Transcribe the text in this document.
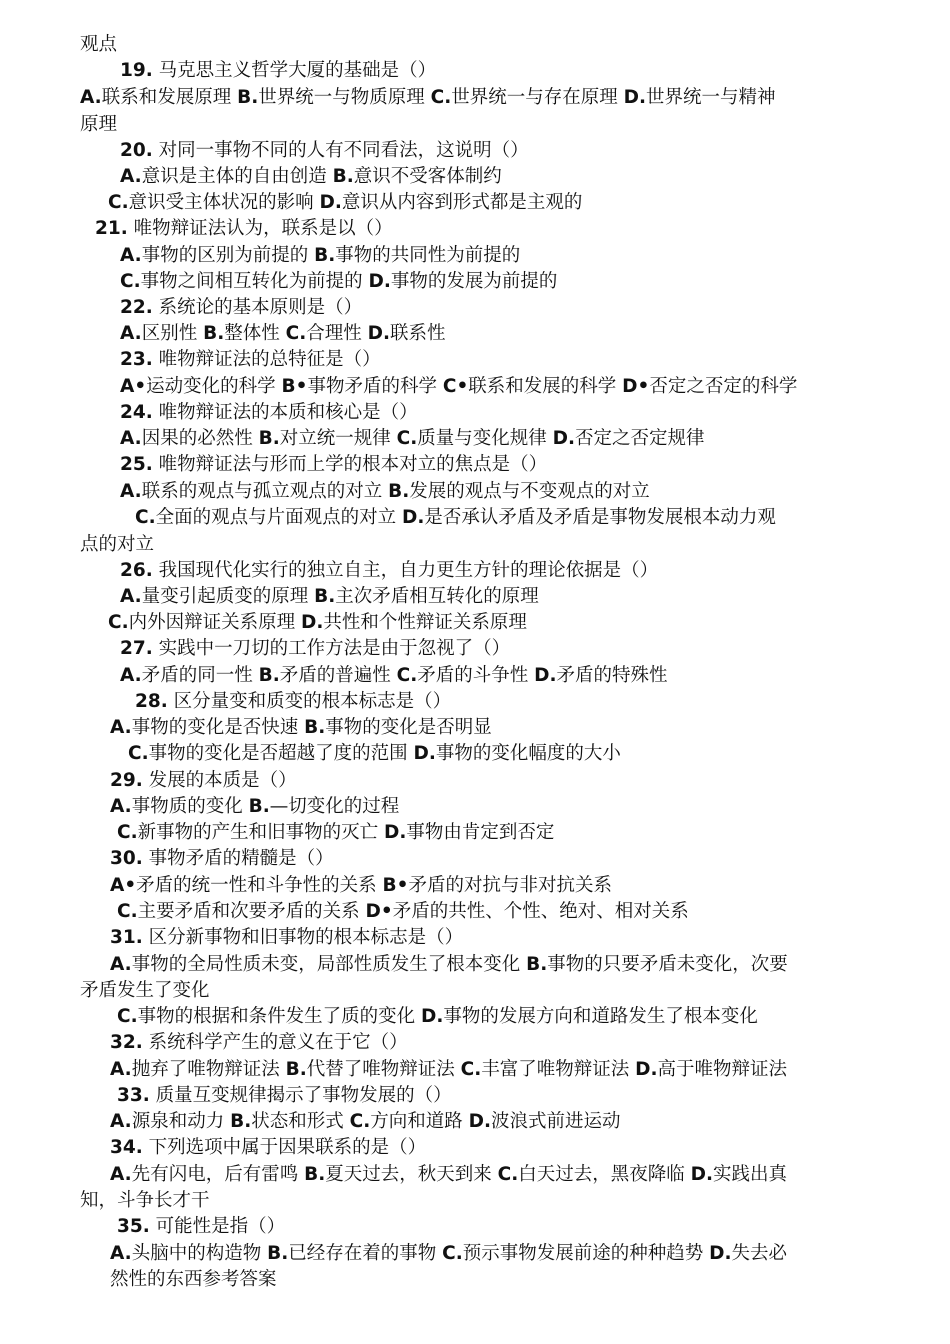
观点
19. 马克思主义哲学大厦的基础是（）
A.联系和发展原理 B.世界统一与物质原理 C.世界统一与存在原理 D.世界统一与精神
原理
20. 对同一事物不同的人有不同看法，这说明（）
A.意识是主体的自由创造 B.意识不受客体制约
C.意识受主体状况的影响 D.意识从内容到形式都是主观的
21. 唯物辩证法认为，联系是以（）
A.事物的区别为前提的 B.事物的共同性为前提的
C.事物之间相互转化为前提的 D.事物的发展为前提的
22. 系统论的基本原则是（）
A.区别性 B.整体性 C.合理性 D.联系性
23. 唯物辩证法的总特征是（）
A•运动变化的科学 B•事物矛盾的科学 C•联系和发展的科学 D•否定之否定的科学
24. 唯物辩证法的本质和核心是（）
A.因果的必然性 B.对立统一规律 C.质量与变化规律 D.否定之否定规律
25. 唯物辩证法与形而上学的根本对立的焦点是（）
A.联系的观点与孤立观点的对立 B.发展的观点与不变观点的对立
C.全面的观点与片面观点的对立 D.是否承认矛盾及矛盾是事物发展根本动力观
点的对立
26. 我国现代化实行的独立自主，自力更生方针的理论依据是（）
A.量变引起质变的原理 B.主次矛盾相互转化的原理
C.内外因辩证关系原理 D.共性和个性辩证关系原理
27. 实践中一刀切的工作方法是由于忽视了（）
A.矛盾的同一性 B.矛盾的普遍性 C.矛盾的斗争性 D.矛盾的特殊性
28. 区分量变和质变的根本标志是（）
A.事物的变化是否快速 B.事物的变化是否明显
C.事物的变化是否超越了度的范围 D.事物的变化幅度的大小
29. 发展的本质是（）
A.事物质的变化 B.—切变化的过程
C.新事物的产生和旧事物的灭亡 D.事物由肯定到否定
30. 事物矛盾的精髓是（）
A•矛盾的统一性和斗争性的关系 B•矛盾的对抗与非对抗关系
C.主要矛盾和次要矛盾的关系 D•矛盾的共性、个性、绝对、相对关系
31. 区分新事物和旧事物的根本标志是（）
A.事物的全局性质未变，局部性质发生了根本变化 B.事物的只要矛盾未变化，次要
矛盾发生了变化
C.事物的根据和条件发生了质的变化 D.事物的发展方向和道路发生了根本变化
32. 系统科学产生的意义在于它（）
A.抛弃了唯物辩证法 B.代替了唯物辩证法 C.丰富了唯物辩证法 D.高于唯物辩证法
33. 质量互变规律揭示了事物发展的（）
A.源泉和动力 B.状态和形式 C.方向和道路 D.波浪式前进运动
34. 下列选项中属于因果联系的是（）
A.先有闪电，后有雷鸣 B.夏天过去，秋天到来 C.白天过去，黑夜降临 D.实践出真
知，斗争长才干
35. 可能性是指（）
A.头脑中的构造物 B.已经存在着的事物 C.预示事物发展前途的种种趋势 D.失去必
然性的东西参考答案
